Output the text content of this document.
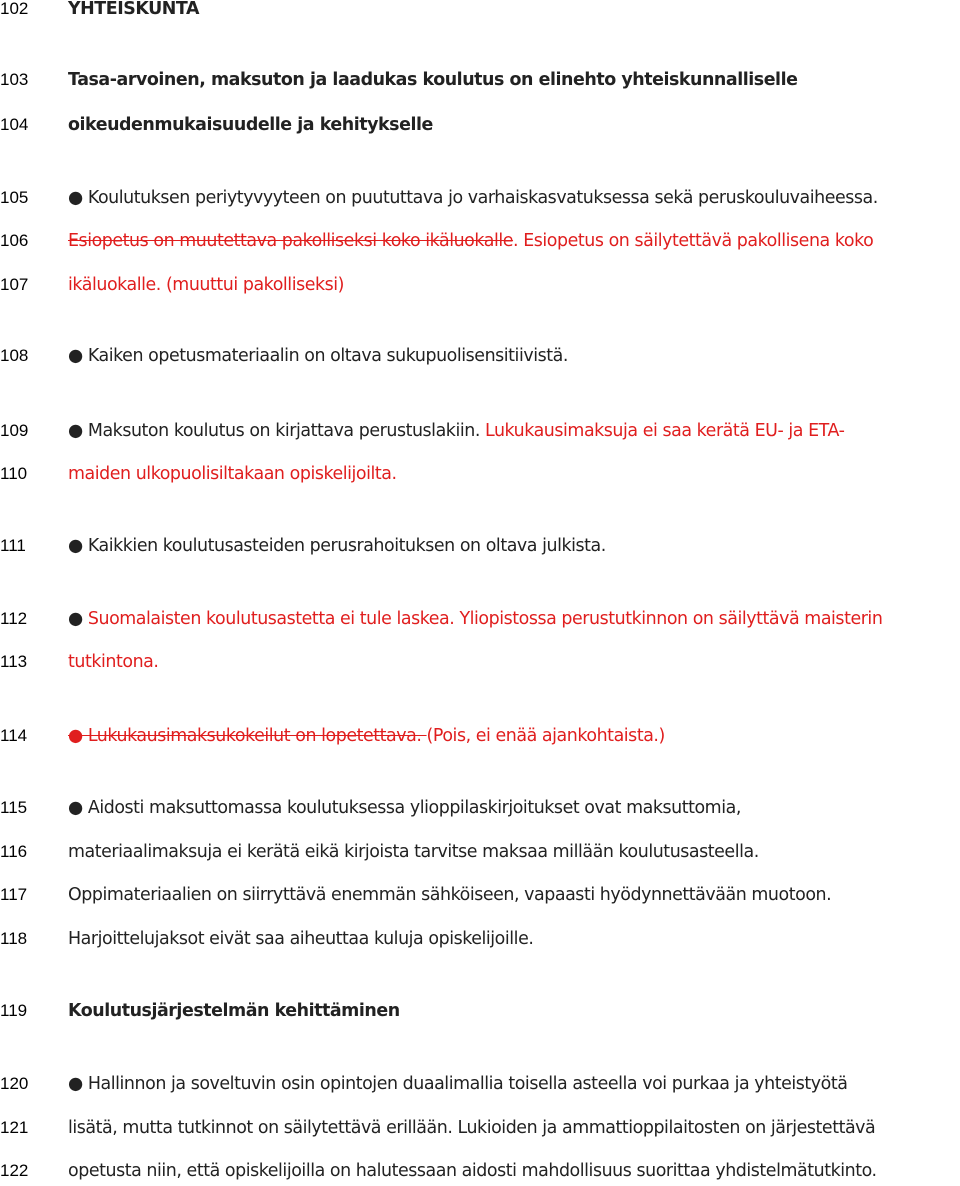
102	YHTEISKUNTA
103	Tasa-arvoinen, maksuton ja laadukas koulutus on elinehto yhteiskunnalliselle
104	oikeudenmukaisuudelle ja kehitykselle
105	● Koulutuksen periytyvyyteen on puututtava jo varhaiskasvatuksessa sekä peruskouluvaiheessa.
106	Esiopetus on muutettava pakolliseksi koko ikäluokalle. Esiopetus on säilytettävä pakollisena koko
107	ikäluokalle. (muuttui pakolliseksi)
108	● Kaiken opetusmateriaalin on oltava sukupuolisensitiivistä.
109	● Maksuton koulutus on kirjattava perustuslakiin. Lukukausimaksuja ei saa kerätä EU- ja ETA-
110	maiden ulkopuolisiltakaan opiskelijoilta.
111	● Kaikkien koulutusasteiden perusrahoituksen on oltava julkista.
112	● Suomalaisten koulutusastetta ei tule laskea. Yliopistossa perustutkinnon on säilyttävä maisterin
113	tutkintona.
114	● Lukukausimaksukokeilut on lopetettava. (Pois, ei enää ajankohtaista.)
115	● Aidosti maksuttomassa koulutuksessa ylioppilaskirjoitukset ovat maksuttomia,
116	materiaalimaksuja ei kerätä eikä kirjoista tarvitse maksaa millään koulutusasteella.
117	Oppimateriaalien on siirryttävä enemmän sähköiseen, vapaasti hyödynnettävään muotoon.
118	Harjoittelujaksot eivät saa aiheuttaa kuluja opiskelijoille.
119	Koulutusjärjestelmän kehittäminen
120	● Hallinnon ja soveltuvin osin opintojen duaalimallia toisella asteella voi purkaa ja yhteistyötä
121	lisätä, mutta tutkinnot on säilytettävä erillään. Lukioiden ja ammattioppilaitosten on järjestettävä
122	opetusta niin, että opiskelijoilla on halutessaan aidosti mahdollisuus suorittaa yhdistelmätutkinto.
